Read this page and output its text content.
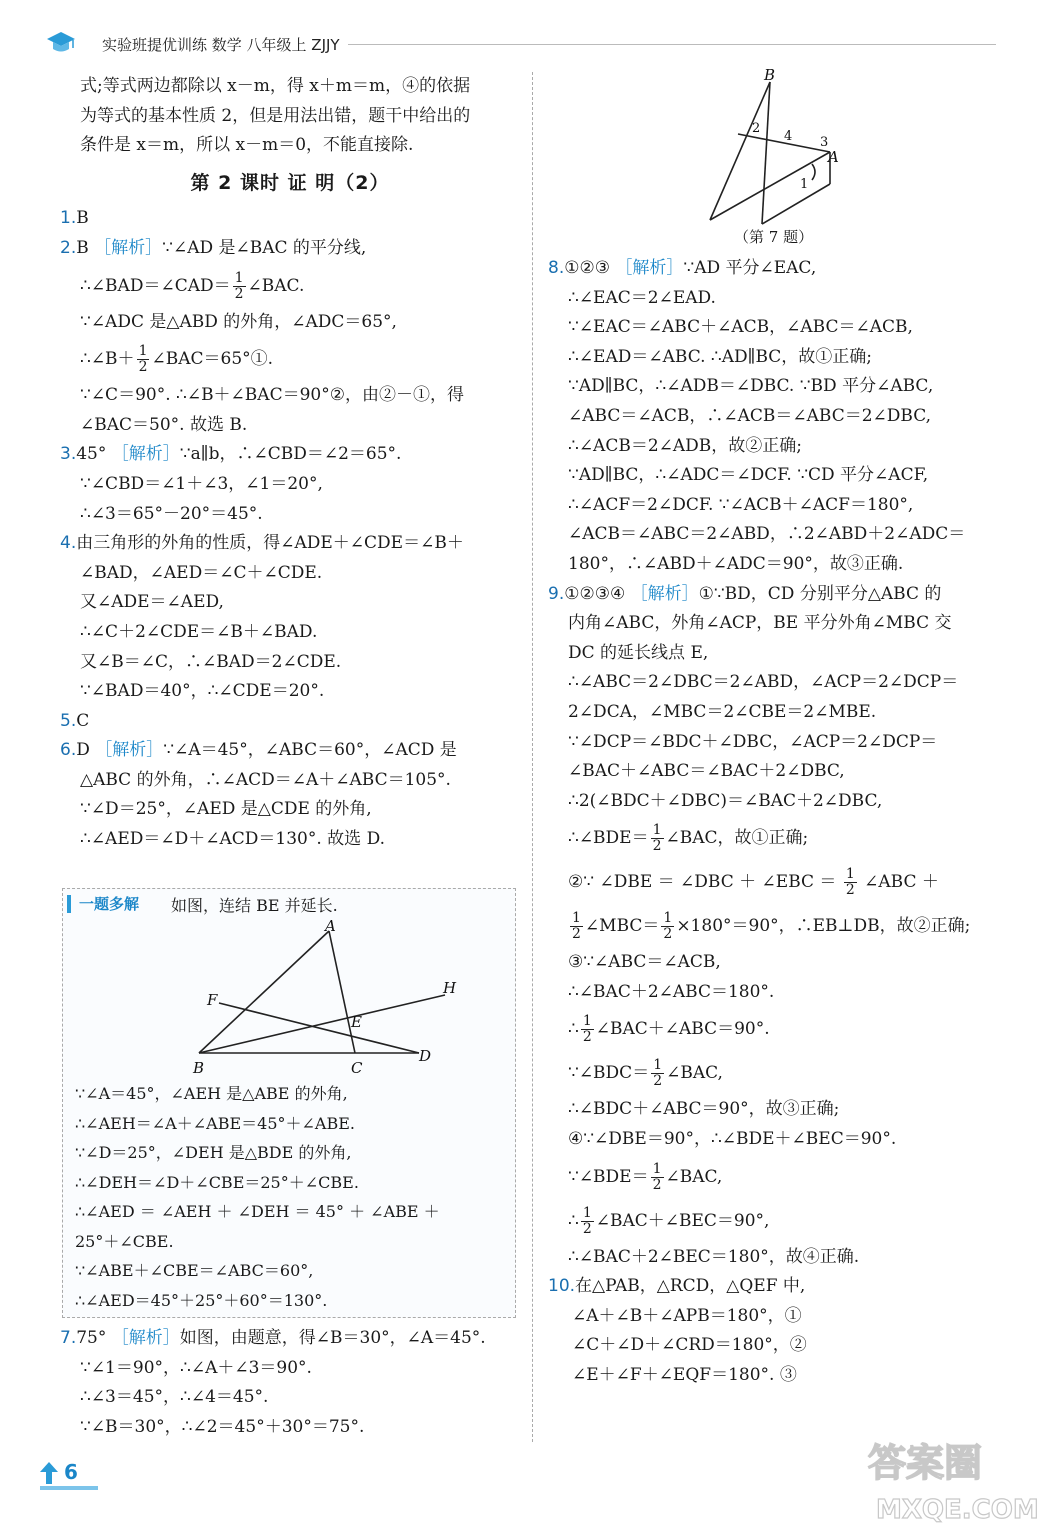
实验班提优训练 数学 八年级上 ZJJY
式;等式两边都除以 x－m，得 x＋m＝m，④的依据
为等式的基本性质 2，但是用法出错，题干中给出的
条件是 x＝m，所以 x－m＝0，不能直接除.
第 2 课时 证 明（2）
1.B
2.B ［解析］∵∠AD 是∠BAC 的平分线,
∴∠BAD＝∠CAD＝ $\frac{1}{2}$ ∠BAC.
∵∠ADC 是△ABD 的外角，∠ADC＝65°,
∴∠B＋ $\frac{1}{2}$ ∠BAC＝65°①.
∵∠C＝90°. ∴∠B＋∠BAC＝90°②，由②－①，得
∠BAC＝50°. 故选 B.
3.45° ［解析］∵a∥b，∴∠CBD＝∠2＝65°.
∵∠CBD＝∠1＋∠3，∠1＝20°,
∴∠3＝65°－20°＝45°.
4.由三角形的外角的性质，得∠ADE＋∠CDE＝∠B＋
∠BAD，∠AED＝∠C＋∠CDE.
又∠ADE＝∠AED,
∴∠C＋2∠CDE＝∠B＋∠BAD.
又∠B＝∠C，∴∠BAD＝2∠CDE.
∵∠BAD＝40°，∴∠CDE＝20°.
5.C
6.D ［解析］∵∠A＝45°，∠ABC＝60°，∠ACD 是
△ABC 的外角，∴∠ACD＝∠A＋∠ABC＝105°.
∵∠D＝25°，∠AED 是△CDE 的外角,
∴∠AED＝∠D＋∠ACD＝130°. 故选 D.
一题多解 如图，连结 BE 并延长.
A
B	C
D
E
F
H
∵∠A＝45°，∠AEH 是△ABE 的外角,
∴∠AEH＝∠A＋∠ABE＝45°＋∠ABE.
∵∠D＝25°，∠DEH 是△BDE 的外角,
∴∠DEH＝∠D＋∠CBE＝25°＋∠CBE.
∴∠AED ＝ ∠AEH ＋ ∠DEH ＝ 45° ＋ ∠ABE ＋
25°＋∠CBE.
∵∠ABE＋∠CBE＝∠ABC＝60°,
∴∠AED＝45°＋25°＋60°＝130°.
7.75° ［解析］如图，由题意，得∠B＝30°，∠A＝45°.
∵∠1＝90°，∴∠A＋∠3＝90°.
∴∠3＝45°，∴∠4＝45°.
∵∠B＝30°，∴∠2＝45°＋30°＝75°.
B
A
1
2
3
4
（第 7 题）
8.①②③ ［解析］∵AD 平分∠EAC,
∴∠EAC＝2∠EAD.
∵∠EAC＝∠ABC＋∠ACB，∠ABC＝∠ACB,
∴∠EAD＝∠ABC. ∴AD∥BC，故①正确;
∵AD∥BC，∴∠ADB＝∠DBC. ∵BD 平分∠ABC,
∠ABC＝∠ACB，∴∠ACB＝∠ABC＝2∠DBC,
∴∠ACB＝2∠ADB，故②正确;
∵AD∥BC，∴∠ADC＝∠DCF. ∵CD 平分∠ACF,
∴∠ACF＝2∠DCF. ∵∠ACB＋∠ACF＝180°,
∠ACB＝∠ABC＝2∠ABD，∴2∠ABD＋2∠ADC＝
180°，∴∠ABD＋∠ADC＝90°，故③正确.
9.①②③④ ［解析］①∵BD，CD 分别平分△ABC 的
内角∠ABC，外角∠ACP，BE 平分外角∠MBC 交
DC 的延长线点 E,
∴∠ABC＝2∠DBC＝2∠ABD，∠ACP＝2∠DCP＝
2∠DCA，∠MBC＝2∠CBE＝2∠MBE.
∵∠DCP＝∠BDC＋∠DBC，∠ACP＝2∠DCP＝
∠BAC＋∠ABC＝∠BAC＋2∠DBC,
∴2(∠BDC＋∠DBC)＝∠BAC＋2∠DBC,
∴∠BDE＝ $\frac{1}{2}$ ∠BAC，故①正确;
②∵ ∠DBE ＝ ∠DBC ＋ ∠EBC ＝ $\frac{1}{2}$ ∠ABC ＋
$\frac{1}{2}$ ∠MBC＝ $\frac{1}{2} \times 180^\circ=90^\circ$，∴EB⊥DB，故②正确;
③∵∠ABC＝∠ACB,
∴∠BAC＋2∠ABC＝180°.
∴ $\frac{1}{2}$ ∠BAC＋∠ABC＝90°.
∵∠BDC＝ $\frac{1}{2}$ ∠BAC,
∴∠BDC＋∠ABC＝90°，故③正确;
④∵∠DBE＝90°，∴∠BDE＋∠BEC＝90°.
∵∠BDE＝ $\frac{1}{2}$ ∠BAC,
∴ $\frac{1}{2}$ ∠BAC＋∠BEC＝90°,
∴∠BAC＋2∠BEC＝180°，故④正确.
10.在△PAB，△RCD，△QEF 中,
∠A＋∠B＋∠APB＝180°，①
∠C＋∠D＋∠CRD＝180°，②
∠E＋∠F＋∠EQF＝180°. ③
6	答案圈
MXQE.COM
